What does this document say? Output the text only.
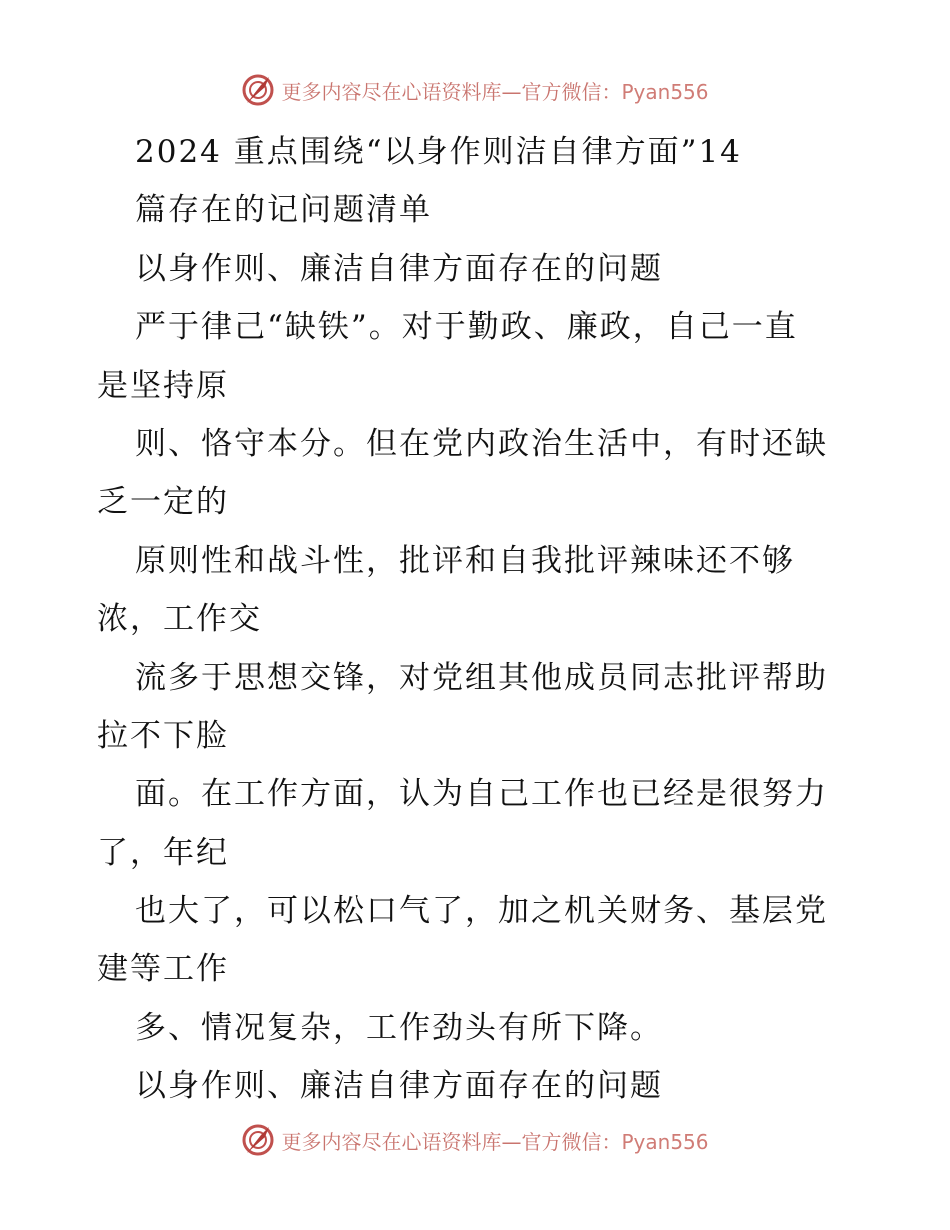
更多内容尽在心语资料库—官方微信：Pyan556
2024 重点围绕“以身作则洁自律方面”14
篇存在的记问题清单
以身作则、廉洁自律方面存在的问题
严于律己“缺铁”。对于勤政、廉政，自己一直
是坚持原
则、恪守本分。但在党内政治生活中，有时还缺
乏一定的
原则性和战斗性，批评和自我批评辣味还不够
浓，工作交
流多于思想交锋，对党组其他成员同志批评帮助
拉不下脸
面。在工作方面，认为自己工作也已经是很努力
了，年纪
也大了，可以松口气了，加之机关财务、基层党
建等工作
多、情况复杂，工作劲头有所下降。
以身作则、廉洁自律方面存在的问题
更多内容尽在心语资料库—官方微信：Pyan556
